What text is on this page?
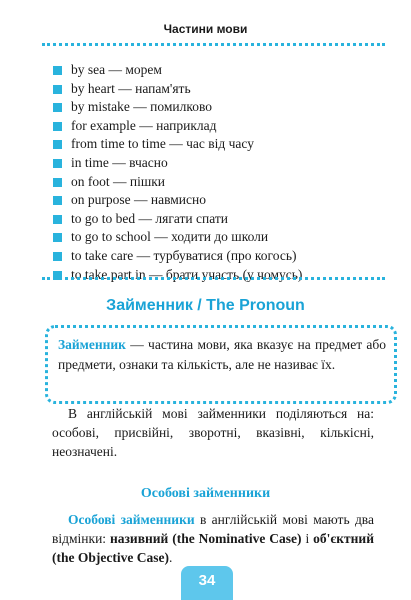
Частини мови
by sea — морем
by heart — напам'ять
by mistake — помилково
for example — наприклад
from time to time — час від часу
in time — вчасно
on foot — пішки
on purpose — навмисно
to go to bed — лягати спати
to go to school — ходити до школи
to take care — турбуватися (про когось)
to take part in — брати участь (у чомусь)
Займенник / The Pronoun
Займенник — частина мови, яка вказує на предмет або предмети, ознаки та кількість, але не називає їх.

В англійській мові займенники поділяються на: особові, присвійні, зворотні, вказівні, кількісні, неозначені.

Особові займенники

Особові займенники в англійській мові мають два відмінки: називний (the Nominative Case) і об'єктний (the Objective Case).

34
